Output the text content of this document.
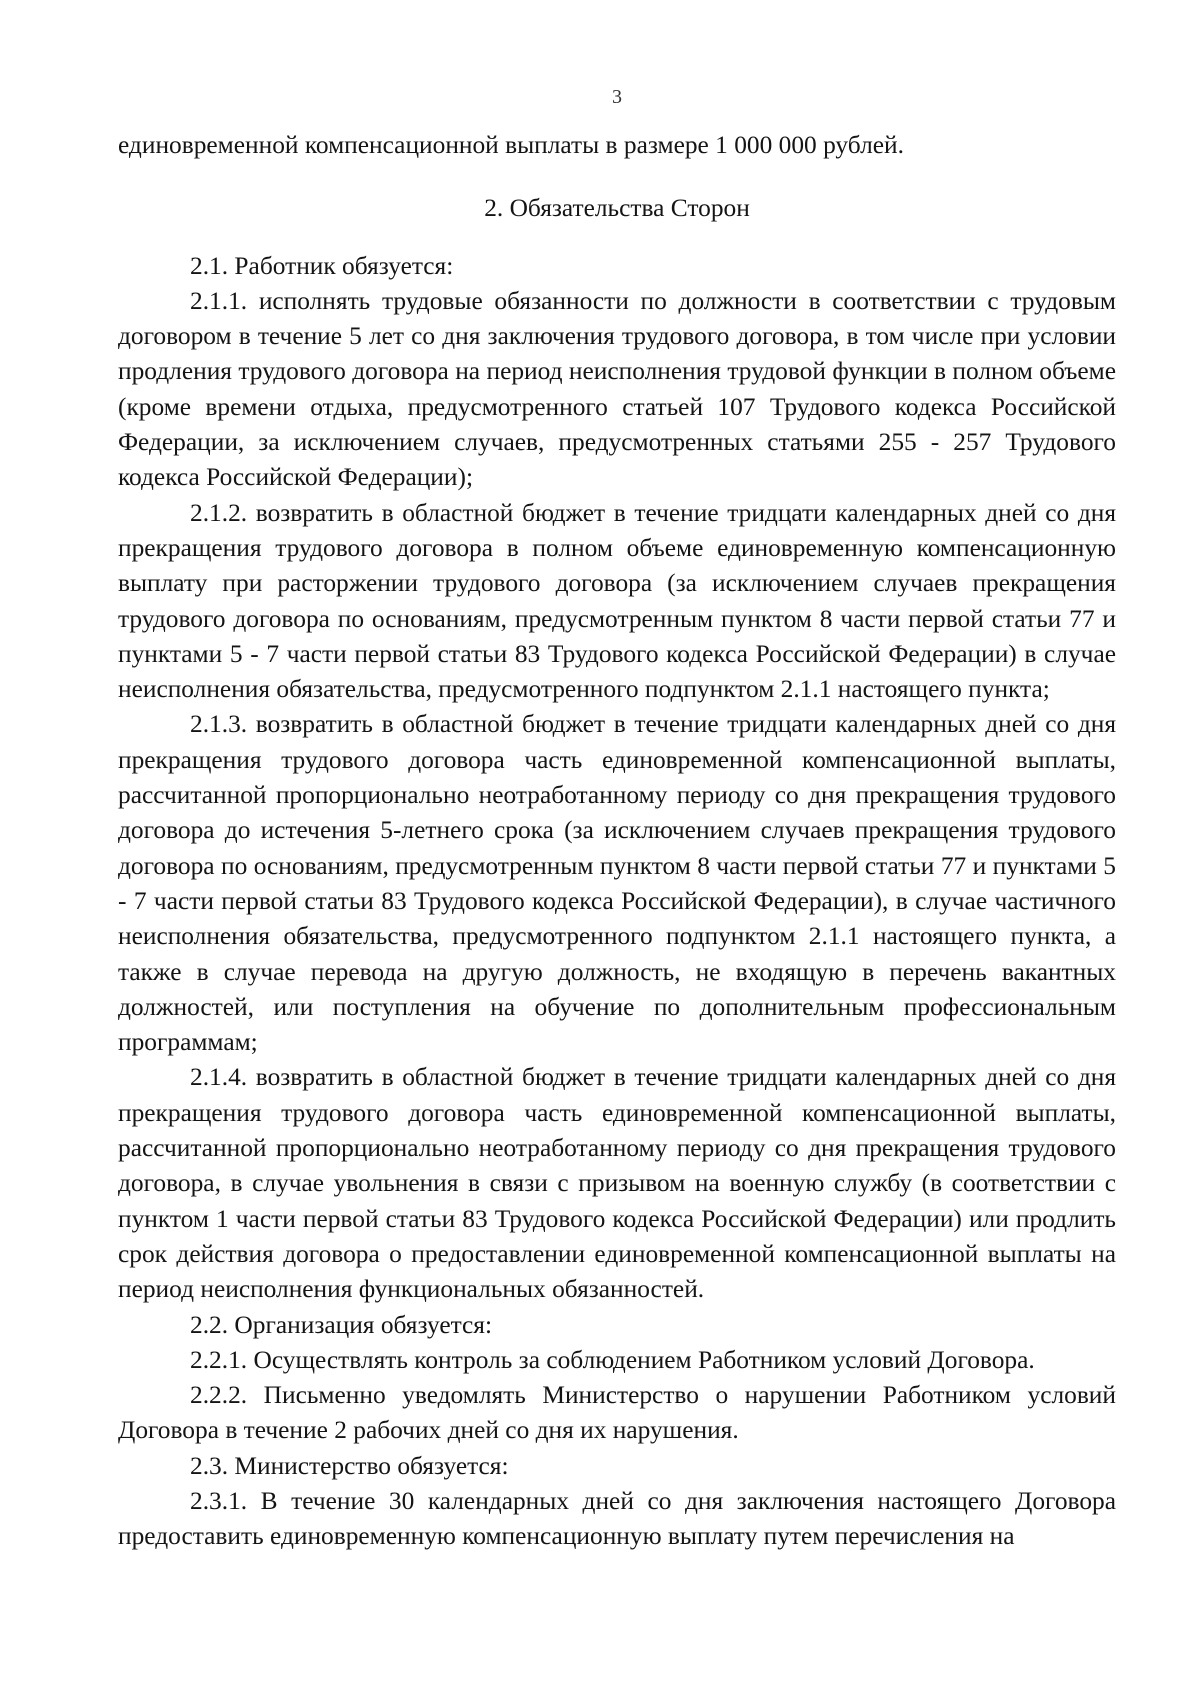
3

единовременной компенсационной выплаты в размере 1 000 000 рублей.

2. Обязательства Сторон

2.1. Работник обязуется:

2.1.1. исполнять трудовые обязанности по должности в соответствии с трудовым договором в течение 5 лет со дня заключения трудового договора, в том числе при условии продления трудового договора на период неисполнения трудовой функции в полном объеме (кроме времени отдыха, предусмотренного статьей 107 Трудового кодекса Российской Федерации, за исключением случаев, предусмотренных статьями 255 - 257 Трудового кодекса Российской Федерации);

2.1.2. возвратить в областной бюджет в течение тридцати календарных дней со дня прекращения трудового договора в полном объеме единовременную компенсационную выплату при расторжении трудового договора (за исключением случаев прекращения трудового договора по основаниям, предусмотренным пунктом 8 части первой статьи 77 и пунктами 5 - 7 части первой статьи 83 Трудового кодекса Российской Федерации) в случае неисполнения обязательства, предусмотренного подпунктом 2.1.1 настоящего пункта;

2.1.3. возвратить в областной бюджет в течение тридцати календарных дней со дня прекращения трудового договора часть единовременной компенсационной выплаты, рассчитанной пропорционально неотработанному периоду со дня прекращения трудового договора до истечения 5-летнего срока (за исключением случаев прекращения трудового договора по основаниям, предусмотренным пунктом 8 части первой статьи 77 и пунктами 5 - 7 части первой статьи 83 Трудового кодекса Российской Федерации), в случае частичного неисполнения обязательства, предусмотренного подпунктом 2.1.1 настоящего пункта, а также в случае перевода на другую должность, не входящую в перечень вакантных должностей, или поступления на обучение по дополнительным профессиональным программам;

2.1.4. возвратить в областной бюджет в течение тридцати календарных дней со дня прекращения трудового договора часть единовременной компенсационной выплаты, рассчитанной пропорционально неотработанному периоду со дня прекращения трудового договора, в случае увольнения в связи с призывом на военную службу (в соответствии с пунктом 1 части первой статьи 83 Трудового кодекса Российской Федерации) или продлить срок действия договора о предоставлении единовременной компенсационной выплаты на период неисполнения функциональных обязанностей.

2.2. Организация обязуется:

2.2.1. Осуществлять контроль за соблюдением Работником условий Договора.

2.2.2. Письменно уведомлять Министерство о нарушении Работником условий Договора в течение 2 рабочих дней со дня их нарушения.

2.3. Министерство обязуется:

2.3.1. В течение 30 календарных дней со дня заключения настоящего Договора предоставить единовременную компенсационную выплату путем перечисления на
